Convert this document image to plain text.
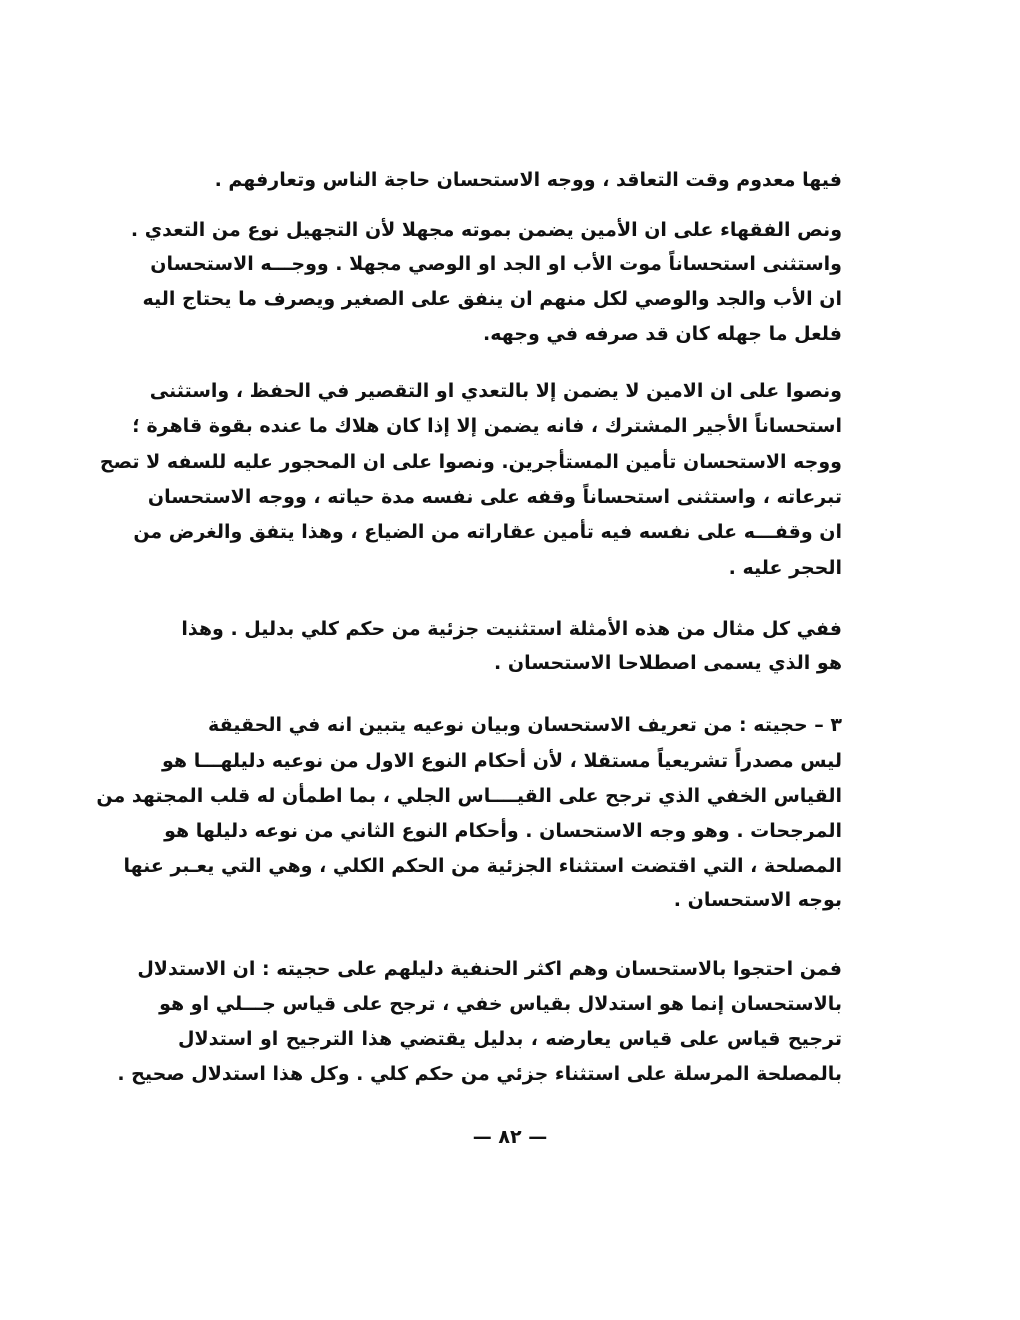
فيها معدوم وقت التعاقد ، ووجه الاستحسان حاجة الناس وتعارفهم .
ونص الفقهاء على ان الأمين يضمن بموته مجهلا لأن التجهيل نوع من التعدي .
واستثنى استحساناً موت الأب او الجد او الوصي مجهلا . ووجـــه الاستحسان
ان الأب والجد والوصي لكل منهم ان ينفق على الصغير ويصرف ما يحتاج اليه
فلعل ما جهله كان قد صرفه في وجهه.
ونصوا على ان الامين لا يضمن إلا بالتعدي او التقصير في الحفظ ، واستثنى
استحساناً الأجير المشترك ، فانه يضمن إلا إذا كان هلاك ما عنده بقوة قاهرة ؛
ووجه الاستحسان تأمين المستأجرين. ونصوا على ان المحجور عليه للسفه لا تصح
تبرعاته ، واستثنى استحساناً وقفه على نفسه مدة حياته ، ووجه الاستحسان
ان وقفـــه على نفسه فيه تأمين عقاراته من الضياع ، وهذا يتفق والغرض من
الحجر عليه .
ففي كل مثال من هذه الأمثلة استثنيت جزئية من حكم كلي بدليل . وهذا
هو الذي يسمى اصطلاحا الاستحسان .
٣ – حجيته : من تعريف الاستحسان وبيان نوعيه يتبين انه في الحقيقة
ليس مصدراً تشريعياً مستقلا ، لأن أحكام النوع الاول من نوعيه دليلهـــا هو
القياس الخفي الذي ترجح على القيــــاس الجلي ، بما اطمأن له قلب المجتهد من
المرجحات . وهو وجه الاستحسان . وأحكام النوع الثاني من نوعه دليلها هو
المصلحة ، التي اقتضت استثناء الجزئية من الحكم الكلي ، وهي التي يعـبر عنها
بوجه الاستحسان .
فمن احتجوا بالاستحسان وهم اكثر الحنفية دليلهم على حجيته : ان الاستدلال
بالاستحسان إنما هو استدلال بقياس خفي ، ترجح على قياس جـــلي او هو
ترجيح قياس على قياس يعارضه ، بدليل يقتضي هذا الترجيح او استدلال
بالمصلحة المرسلة على استثناء جزئي من حكم كلي . وكل هذا استدلال صحيح .
— ٨٢ —
